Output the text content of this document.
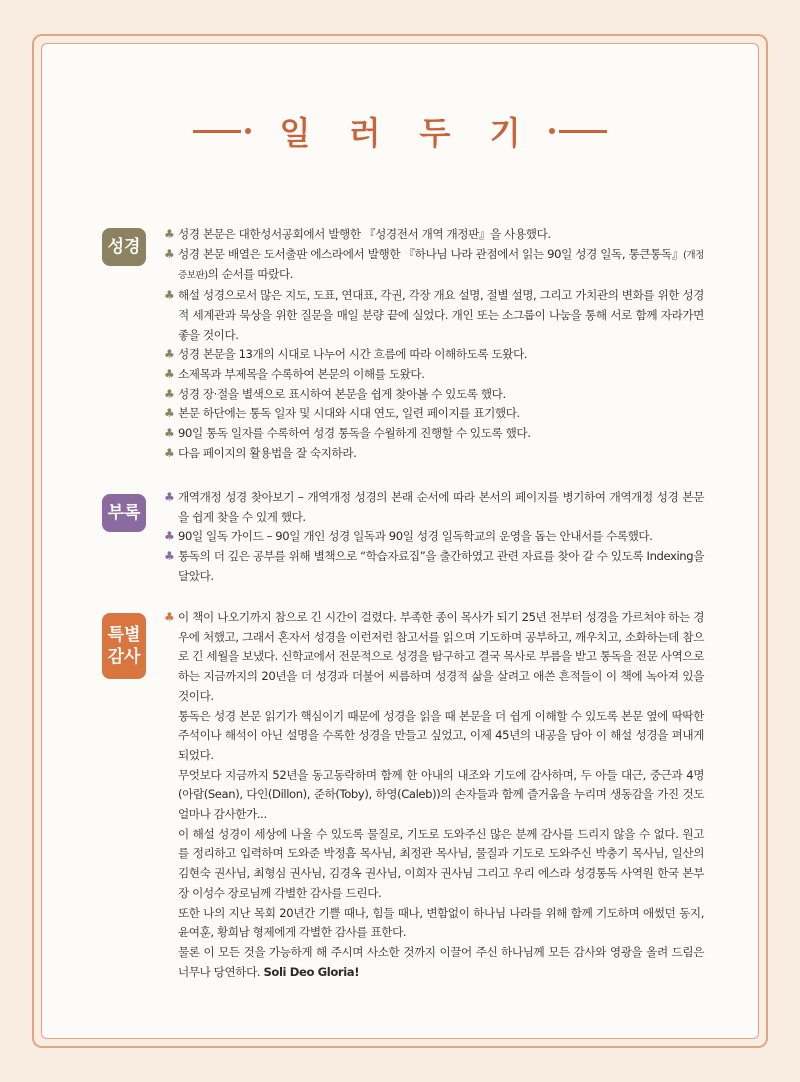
일 러 두 기
성경
♣ 성경 본문은 대한성서공회에서 발행한 『성경전서 개역 개정판』을 사용했다.
♣ 성경 본문 배열은 도서출판 에스라에서 발행한 『하나님 나라 관점에서 읽는 90일 성경 일독, 통큰통독』(개정증보판)의 순서를 따랐다.
♣ 해설 성경으로서 많은 지도, 도표, 연대표, 각권, 각장 개요 설명, 절별 설명, 그리고 가치관의 변화를 위한 성경적 세계관과 묵상을 위한 질문을 매일 분량 끝에 실었다. 개인 또는 소그룹이 나눔을 통해 서로 함께 자라가면 좋을 것이다.
♣ 성경 본문을 13개의 시대로 나누어 시간 흐름에 따라 이해하도록 도왔다.
♣ 소제목과 부제목을 수록하여 본문의 이해를 도왔다.
♣ 성경 장·절을 별색으로 표시하여 본문을 쉽게 찾아볼 수 있도록 했다.
♣ 본문 하단에는 통독 일자 및 시대와 시대 연도, 일련 페이지를 표기했다.
♣ 90일 통독 일자를 수록하여 성경 통독을 수월하게 진행할 수 있도록 했다.
♣ 다음 페이지의 활용법을 잘 숙지하라.
부록
♣ 개역개정 성경 찾아보기 – 개역개정 성경의 본래 순서에 따라 본서의 페이지를 병기하여 개역개정 성경 본문을 쉽게 찾을 수 있게 했다.
♣ 90일 일독 가이드 – 90일 개인 성경 일독과 90일 성경 일독학교의 운영을 돕는 안내서를 수록했다.
♣ 통독의 더 깊은 공부를 위해 별책으로 “학습자료집”을 출간하였고 관련 자료를 찾아 갈 수 있도록 Indexing을 달았다.
특별
감사
♣ 이 책이 나오기까지 참으로 긴 시간이 걸렸다. 부족한 종이 목사가 되기 25년 전부터 성경을 가르쳐야 하는 경우에 처했고, 그래서 혼자서 성경을 이런저런 참고서를 읽으며 기도하며 공부하고, 깨우치고, 소화하는데 참으로 긴 세월을 보냈다. 신학교에서 전문적으로 성경을 탐구하고 결국 목사로 부름을 받고 통독을 전문 사역으로 하는 지금까지의 20년을 더 성경과 더불어 씨름하며 성경적 삶을 살려고 애쓴 흔적들이 이 책에 녹아져 있을 것이다.
통독은 성경 본문 읽기가 핵심이기 때문에 성경을 읽을 때 본문을 더 쉽게 이해할 수 있도록 본문 옆에 딱딱한 주석이나 해석이 아닌 설명을 수록한 성경을 만들고 싶었고, 이제 45년의 내공을 담아 이 해설 성경을 펴내게 되었다.
무엇보다 지금까지 52년을 동고동락하며 함께 한 아내의 내조와 기도에 감사하며, 두 아들 대근, 중근과 4명(아람(Sean), 다인(Dillon), 준하(Toby), 하영(Caleb))의 손자들과 함께 즐거움을 누리며 생동감을 가진 것도 얼마나 감사한가...
이 해설 성경이 세상에 나올 수 있도록 물질로, 기도로 도와주신 많은 분께 감사를 드리지 않을 수 없다. 원고를 정리하고 입력하며 도와준 박정흠 목사님, 최정관 목사님, 물질과 기도로 도와주신 박충기 목사님, 일산의 김현숙 권사님, 최형심 권사님, 김경옥 권사님, 이희자 권사님 그리고 우리 에스라 성경통독 사역원 한국 본부장 이성수 장로님께 각별한 감사를 드린다.
또한 나의 지난 목회 20년간 기쁠 때나, 힘들 때나, 변함없이 하나님 나라를 위해 함께 기도하며 애썼던 동지, 윤여훈, 황희남 형제에게 각별한 감사를 표한다.
물론 이 모든 것을 가능하게 해 주시며 사소한 것까지 이끌어 주신 하나님께 모든 감사와 영광을 올려 드림은 너무나 당연하다. Soli Deo Gloria!
